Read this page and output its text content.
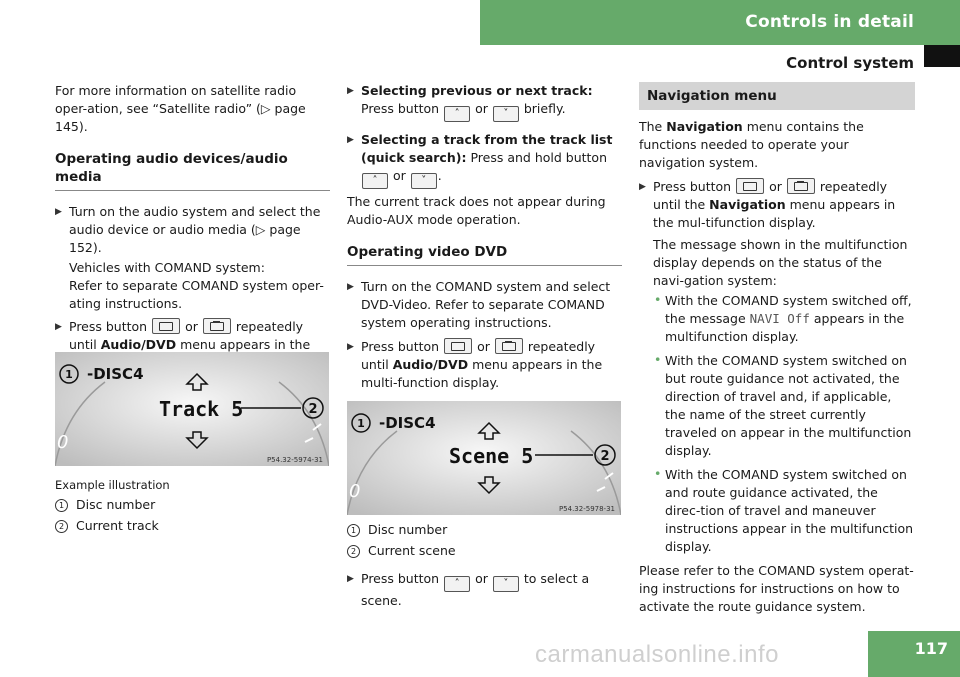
Controls in detail
Control system

For more information on satellite radio oper-ation, see “Satellite radio” (▷ page 145).

Operating audio devices/audio media
▶ Turn on the audio system and select the audio device or audio media (▷ page 152).

Vehicles with COMAND system:

Refer to separate COMAND system oper-ating instructions.

▶ Press button	or	repeatedly until Audio/DVD menu appears in the

0
1 -DISC4
Track 5	2
P54.32-5974-31

Example illustration

1 Disc number

2 Current track

▶ Selecting previous or next track: Press button ˄ or ˅ briefly.

▶ Selecting a track from the track list (quick search): Press and hold button
˄ or ˅ .

The current track does not appear during Audio-AUX mode operation.

Operating video DVD
▶ Turn on the COMAND system and select DVD-Video. Refer to separate COMAND system operating instructions.

▶ Press button	or	repeatedly until Audio/DVD menu appears in the multi-function display.

0
1 -DISC4
Scene 5	2
P54.32-5978-31

1 Disc number

2 Current scene

▶ Press button ˄ or ˅ to select a scene.

Navigation menu

The Navigation menu contains the functions needed to operate your navigation system.

▶ Press button	or	repeatedly until the Navigation menu appears in the mul-tifunction display.

The message shown in the multifunction display depends on the status of the navi-gation system:

• With the COMAND system switched off, the message NAVI Off appears in the multifunction display.

• With the COMAND system switched on but route guidance not activated, the direction of travel and, if applicable, the name of the street currently traveled on appear in the multifunction display.

• With the COMAND system switched on and route guidance activated, the direc-tion of travel and maneuver instructions appear in the multifunction display.

Please refer to the COMAND system operat-ing instructions for instructions on how to activate the route guidance system.

carmanualsonline.info	117
